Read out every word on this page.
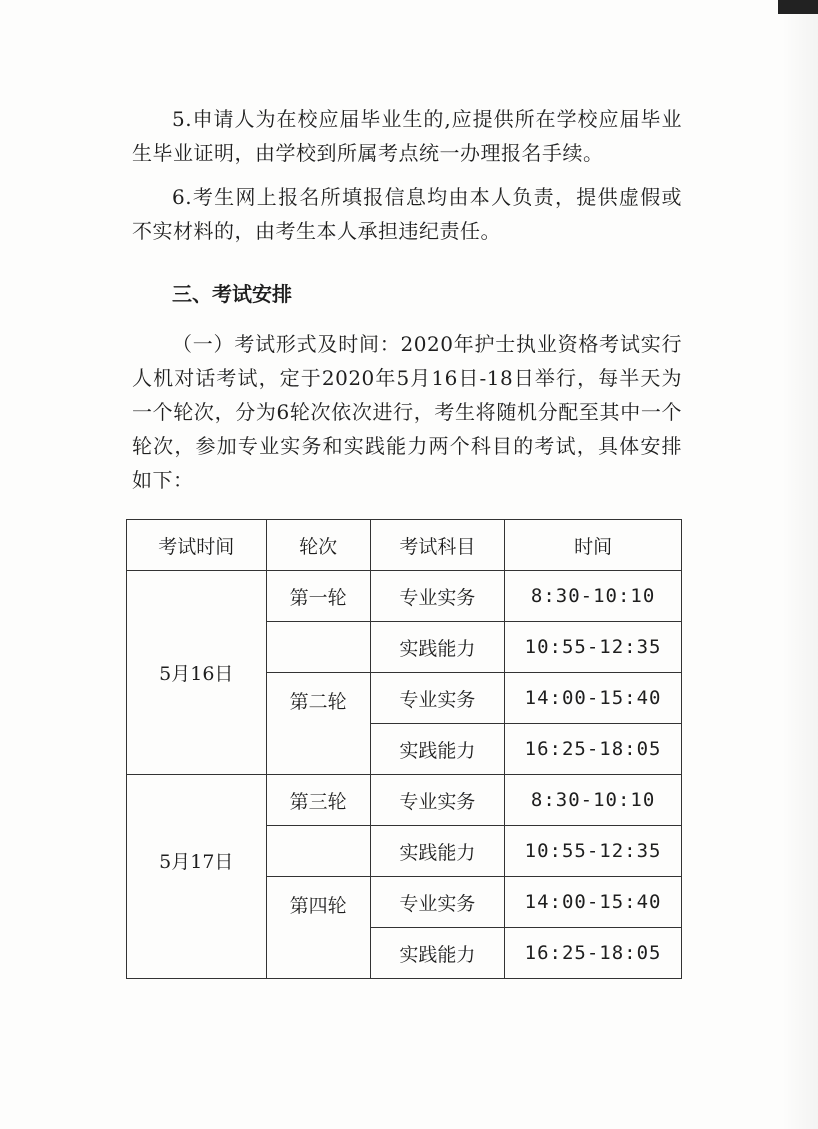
5.申请人为在校应届毕业生的,应提供所在学校应届毕业生毕业证明，由学校到所属考点统一办理报名手续。

6.考生网上报名所填报信息均由本人负责，提供虚假或不实材料的，由考生本人承担违纪责任。

三、考试安排

（一）考试形式及时间：2020年护士执业资格考试实行人机对话考试，定于2020年5月16日-18日举行，每半天为一个轮次，分为6轮次依次进行，考生将随机分配至其中一个轮次，参加专业实务和实践能力两个科目的考试，具体安排如下：

考试时间	轮次	考试科目	时间
5月16日	第一轮	专业实务	8:30-10:10
		实践能力	10:55-12:35
	第二轮	专业实务	14:00-15:40
		实践能力	16:25-18:05
5月17日	第三轮	专业实务	8:30-10:10
		实践能力	10:55-12:35
	第四轮	专业实务	14:00-15:40
		实践能力	16:25-18:05
